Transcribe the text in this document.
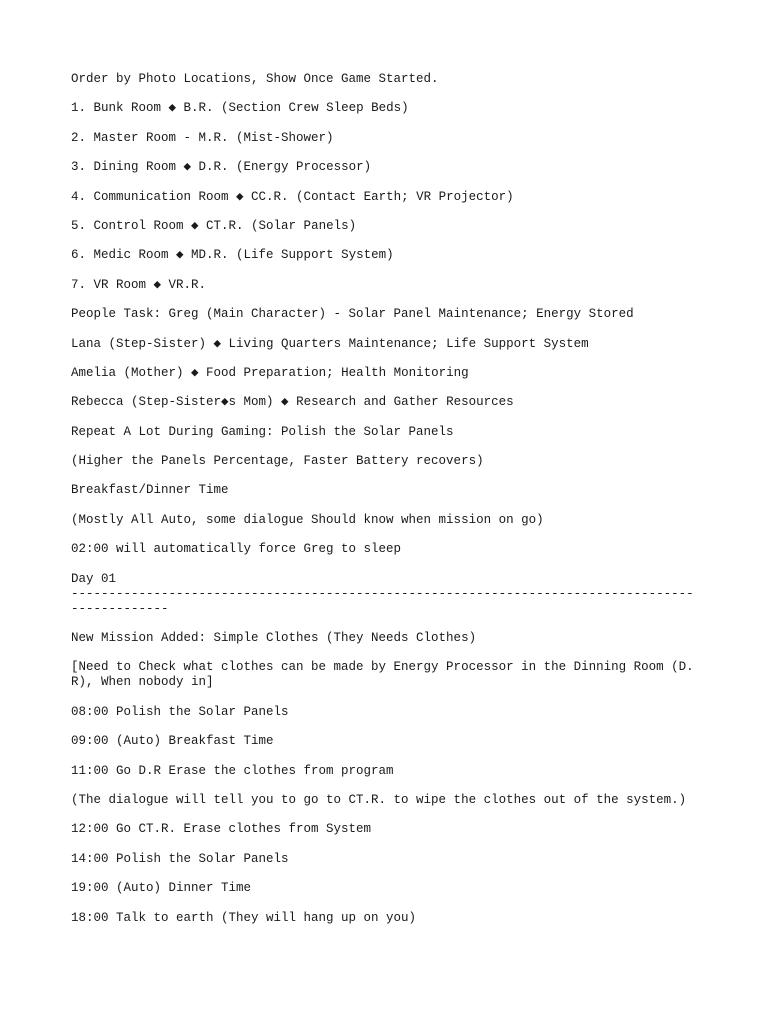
Order by Photo Locations, Show Once Game Started.
1. Bunk Room ◆ B.R. (Section Crew Sleep Beds)
2. Master Room - M.R. (Mist-Shower)
3. Dining Room ◆ D.R. (Energy Processor)
4. Communication Room ◆ CC.R. (Contact Earth; VR Projector)
5. Control Room ◆ CT.R. (Solar Panels)
6. Medic Room ◆ MD.R. (Life Support System)
7. VR Room ◆ VR.R.
People Task: Greg (Main Character) - Solar Panel Maintenance; Energy Stored
Lana (Step-Sister) ◆ Living Quarters Maintenance; Life Support System
Amelia (Mother) ◆ Food Preparation; Health Monitoring
Rebecca (Step-Sister◆s Mom) ◆ Research and Gather Resources
Repeat A Lot During Gaming: Polish the Solar Panels
(Higher the Panels Percentage, Faster Battery recovers)
Breakfast/Dinner Time
(Mostly All Auto, some dialogue Should know when mission on go)
02:00 will automatically force Greg to sleep
Day 01
------------------------------------------------------------------------------------------------
New Mission Added: Simple Clothes (They Needs Clothes)
[Need to Check what clothes can be made by Energy Processor in the Dinning Room (D.R), When nobody in]
08:00 Polish the Solar Panels
09:00 (Auto) Breakfast Time
11:00 Go D.R Erase the clothes from program
(The dialogue will tell you to go to CT.R. to wipe the clothes out of the system.)
12:00 Go CT.R. Erase clothes from System
14:00 Polish the Solar Panels
19:00 (Auto) Dinner Time
18:00 Talk to earth (They will hang up on you)
